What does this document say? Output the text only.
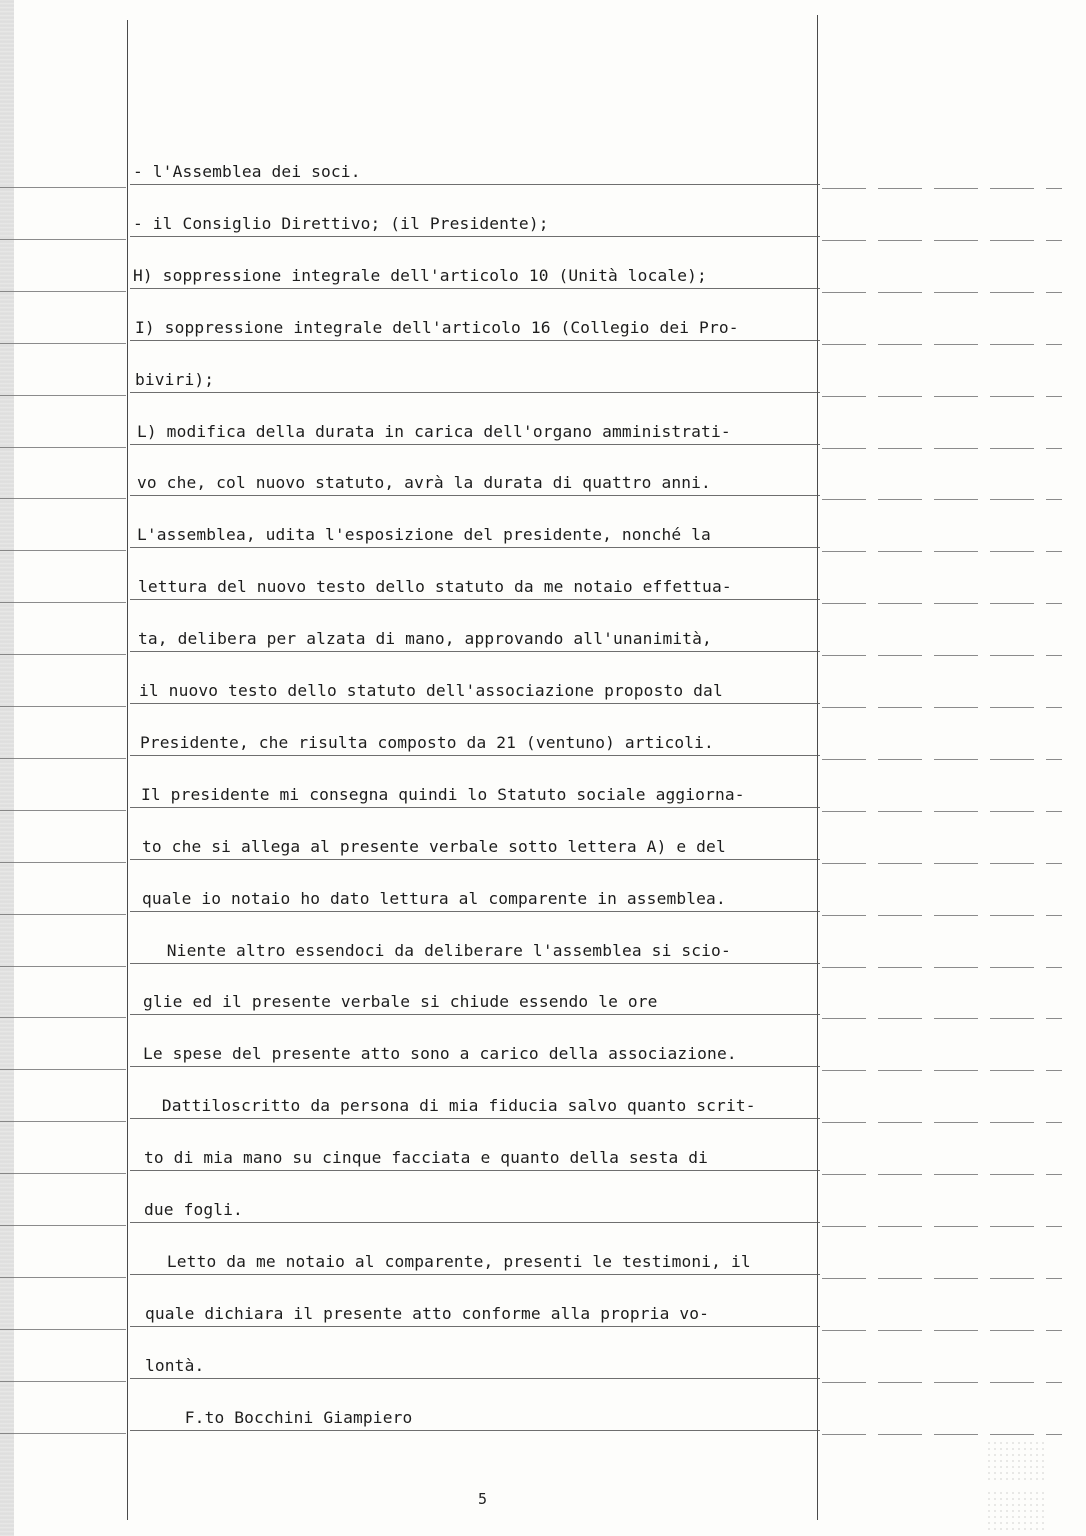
- l'Assemblea dei soci.
- il Consiglio Direttivo; (il Presidente);
H) soppressione integrale dell'articolo 10 (Unità locale);
I) soppressione integrale dell'articolo 16 (Collegio dei Pro-
biviri);
L) modifica della durata in carica dell'organo amministrati-
vo che, col nuovo statuto, avrà la durata di quattro anni.
L'assemblea, udita l'esposizione del presidente, nonché la
lettura del nuovo testo dello statuto da me notaio effettua-
ta, delibera per alzata di mano, approvando all'unanimità,
il nuovo testo dello statuto dell'associazione proposto dal
Presidente, che risulta composto da 21 (ventuno) articoli.
Il presidente mi consegna quindi lo Statuto sociale aggiorna-
to che si allega al presente verbale sotto lettera A) e del
quale io notaio ho dato lettura al comparente in assemblea.
Niente altro essendoci da deliberare l'assemblea si scio-
glie ed il presente verbale si chiude essendo le ore
Le spese del presente atto sono a carico della associazione.
Dattiloscritto da persona di mia fiducia salvo quanto scrit-
to di mia mano su cinque facciata e quanto della sesta di
due fogli.
Letto da me notaio al comparente, presenti le testimoni, il
quale dichiara il presente atto conforme alla propria vo-
lontà.
F.to Bocchini Giampiero
5
